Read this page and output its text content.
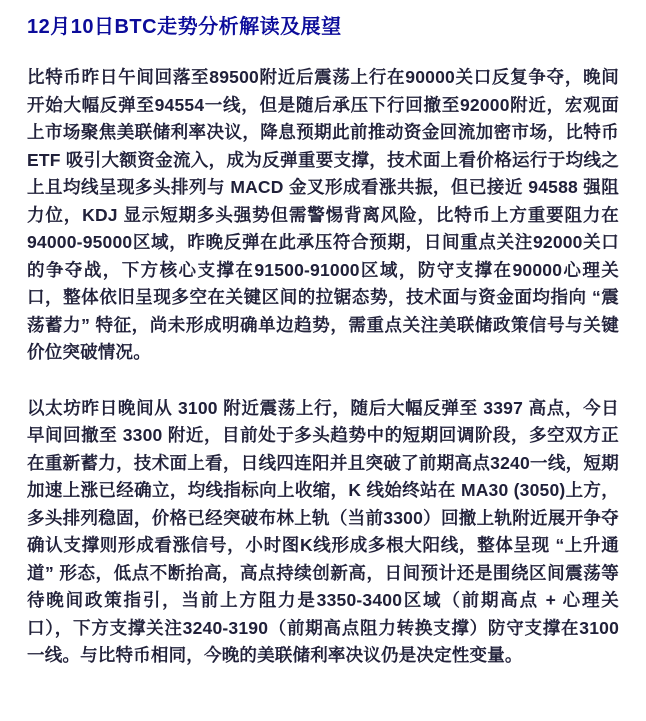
12月10日BTC走势分析解读及展望

比特币昨日午间回落至89500附近后震荡上行在90000关口反复争夺，晚间开始大幅反弹至94554一线，但是随后承压下行回撤至92000附近，宏观面上市场聚焦美联储利率决议，降息预期此前推动资金回流加密市场，比特币 ETF 吸引大额资金流入，成为反弹重要支撑，技术面上看价格运行于均线之上且均线呈现多头排列与 MACD 金叉形成看涨共振，但已接近 94588 强阻力位，KDJ 显示短期多头强势但需警惕背离风险，比特币上方重要阻力在94000-95000区域，昨晚反弹在此承压符合预期，日间重点关注92000关口的争夺战，下方核心支撑在91500-91000区域，防守支撑在90000心理关口，整体依旧呈现多空在关键区间的拉锯态势，技术面与资金面均指向 “震荡蓄力” 特征，尚未形成明确单边趋势，需重点关注美联储政策信号与关键价位突破情况。

以太坊昨日晚间从 3100 附近震荡上行，随后大幅反弹至 3397 高点，今日早间回撤至 3300 附近，目前处于多头趋势中的短期回调阶段，多空双方正在重新蓄力，技术面上看，日线四连阳并且突破了前期高点3240一线，短期加速上涨已经确立，均线指标向上收缩，K 线始终站在 MA30 (3050)上方，多头排列稳固，价格已经突破布林上轨（当前3300）回撤上轨附近展开争夺确认支撑则形成看涨信号，小时图K线形成多根大阳线，整体呈现 “上升通道” 形态，低点不断抬高，高点持续创新高，日间预计还是围绕区间震荡等待晚间政策指引，当前上方阻力是3350-3400区域（前期高点 + 心理关口），下方支撑关注3240-3190（前期高点阻力转换支撑）防守支撑在3100一线。与比特币相同，今晚的美联储利率决议仍是决定性变量。
